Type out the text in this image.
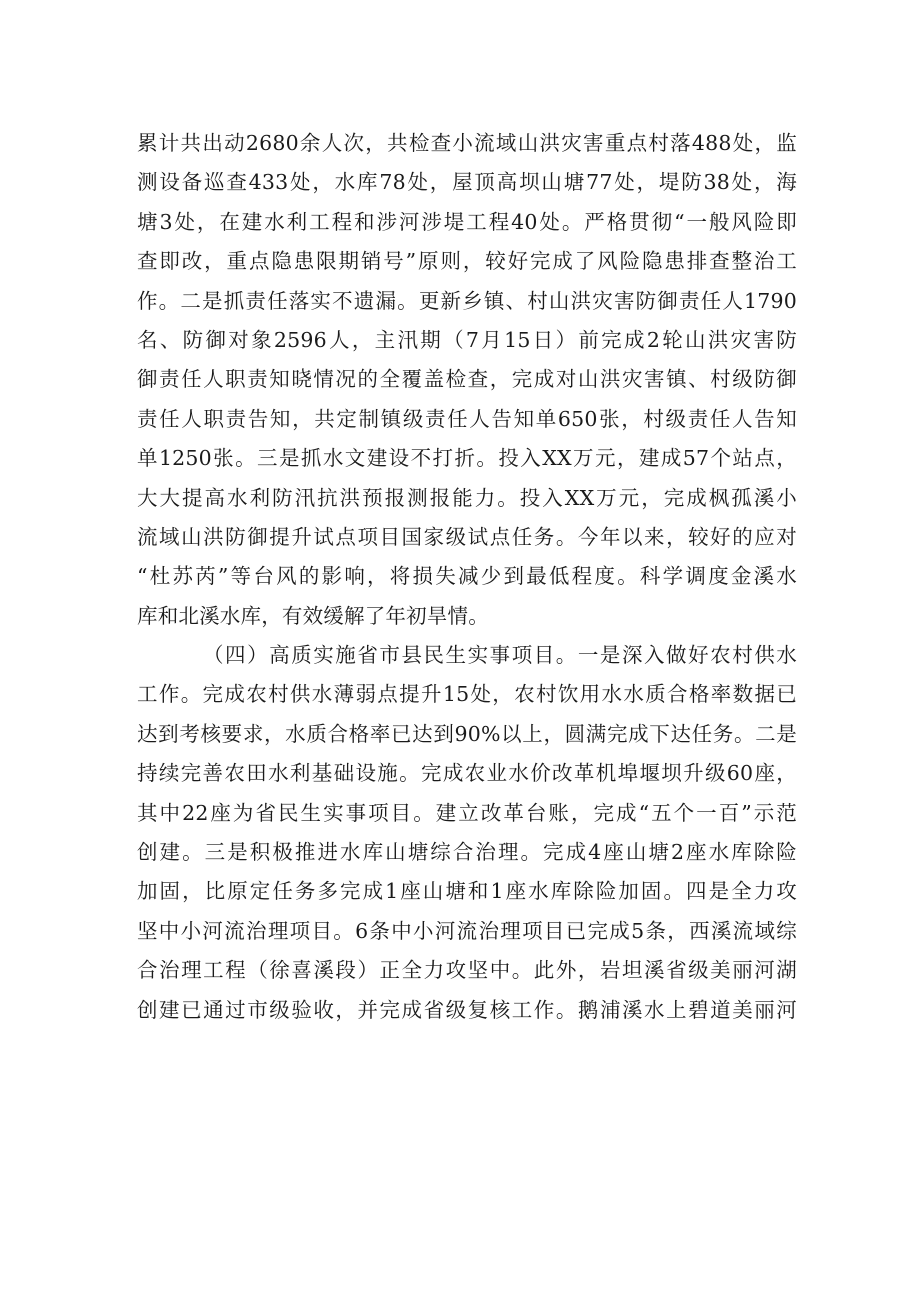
累计共出动2680余人次，共检查小流域山洪灾害重点村落488处，监
测设备巡查433处，水库78处，屋顶高坝山塘77处，堤防38处，海
塘3处，在建水利工程和涉河涉堤工程40处。严格贯彻“一般风险即
查即改，重点隐患限期销号”原则，较好完成了风险隐患排查整治工
作。二是抓责任落实不遗漏。更新乡镇、村山洪灾害防御责任人1790
名、防御对象2596人，主汛期（7月15日）前完成2轮山洪灾害防
御责任人职责知晓情况的全覆盖检查，完成对山洪灾害镇、村级防御
责任人职责告知，共定制镇级责任人告知单650张，村级责任人告知
单1250张。三是抓水文建设不打折。投入XX万元，建成57个站点，
大大提高水利防汛抗洪预报测报能力。投入XX万元，完成枫孤溪小
流域山洪防御提升试点项目国家级试点任务。今年以来，较好的应对
“杜苏芮”等台风的影响，将损失减少到最低程度。科学调度金溪水
库和北溪水库，有效缓解了年初旱情。
（四）高质实施省市县民生实事项目。一是深入做好农村供水
工作。完成农村供水薄弱点提升15处，农村饮用水水质合格率数据已
达到考核要求，水质合格率已达到90%以上，圆满完成下达任务。二是
持续完善农田水利基础设施。完成农业水价改革机埠堰坝升级60座，
其中22座为省民生实事项目。建立改革台账，完成“五个一百”示范
创建。三是积极推进水库山塘综合治理。完成4座山塘2座水库除险
加固，比原定任务多完成1座山塘和1座水库除险加固。四是全力攻
坚中小河流治理项目。6条中小河流治理项目已完成5条，西溪流域综
合治理工程（徐喜溪段）正全力攻坚中。此外，岩坦溪省级美丽河湖
创建已通过市级验收，并完成省级复核工作。鹅浦溪水上碧道美丽河
